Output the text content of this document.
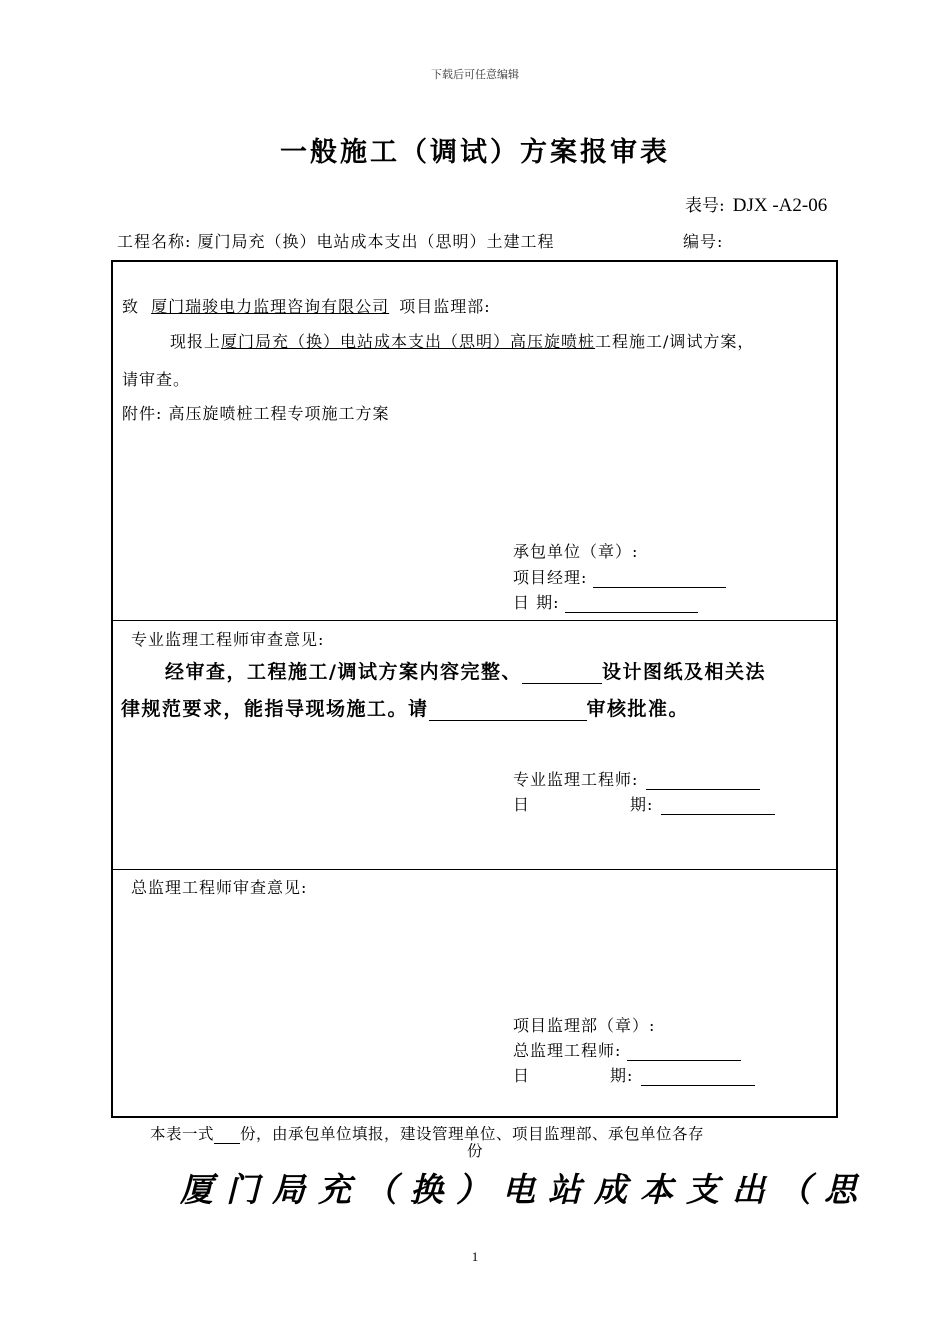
下载后可任意编辑
一般施工（调试）方案报审表
表号: DJX -A2-06
工程名称: 厦门局充（换）电站成本支出（思明）土建工程	编号:
致 厦门瑞骏电力监理咨询有限公司 项目监理部:
现报上厦门局充（换）电站成本支出（思明）高压旋喷桩工程施工/调试方案，
请审查。
附件: 高压旋喷桩工程专项施工方案
承包单位（章）:
项目经理:
日 期:
专业监理工程师审查意见:
经审查，工程施工/调试方案内容完整、	设计图纸及相关法
律规范要求，能指导现场施工。请	审核批准。
专业监理工程师:
日	期:
总监理工程师审查意见:
项目监理部（章）:
总监理工程师:
日	期:
本表一式 份，由承包单位填报，建设管理单位、项目监理部、承包单位各存
份
厦门局充（换）电站成本支出（思
1
